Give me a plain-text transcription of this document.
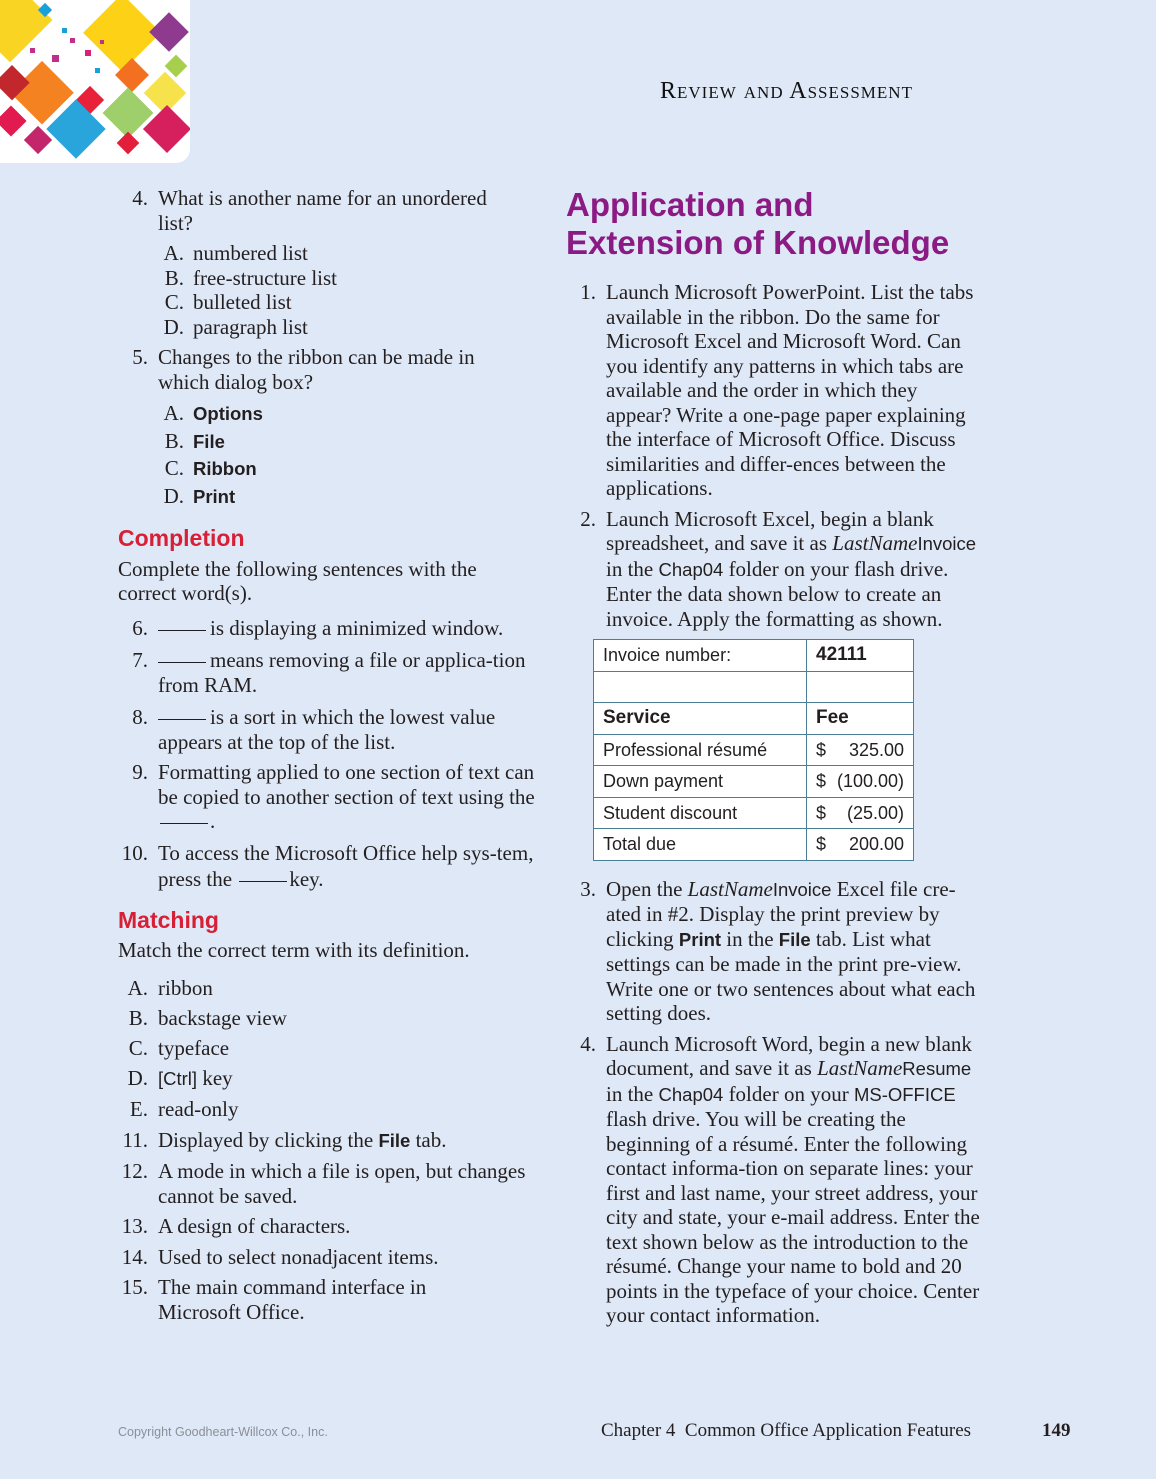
Review and Assessment
4. What is another name for an unordered
list?
A. numbered list
B. free-structure list
C. bulleted list
D. paragraph list
5. Changes to the ribbon can be made in
which dialog box?
A. Options
B. File
C. Ribbon
D. Print
Completion
Complete the following sentences with the correct word(s).
6.	is displaying a minimized window.
7.	means removing a file or applica-tion from RAM.
8.	is a sort in which the lowest value appears at the top of the list.
9. Formatting applied to one section of text can be copied to another section of text using the .
10. To access the Microsoft Office help sys-tem, press the	key.
Matching
Match the correct term with its definition.
A. ribbon
B. backstage view
C. typeface
D. [Ctrl] key
E. read-only
11. Displayed by clicking the File tab.
12. A mode in which a file is open, but changes cannot be saved.
13. A design of characters.
14. Used to select nonadjacent items.
15. The main command interface in Microsoft Office.
Application and Extension of Knowledge
1. Launch Microsoft PowerPoint. List the tabs available in the ribbon. Do the same for Microsoft Excel and Microsoft Word. Can you identify any patterns in which tabs are available and the order in which they appear? Write a one-page paper explaining the interface of Microsoft Office. Discuss similarities and differ-ences between the applications.
2. Launch Microsoft Excel, begin a blank spreadsheet, and save it as LastNameInvoice in the Chap04 folder on your flash drive. Enter the data shown below to create an invoice. Apply the formatting as shown.
Invoice number:	42111

Service	Fee
Professional résumé	$ 325.00

Down payment	$ (100.00)

Student discount	$ (25.00)

Total due	$ 200.00
3. Open the LastNameInvoice Excel file cre-ated in #2. Display the print preview by clicking Print in the File tab. List what settings can be made in the print pre-view. Write one or two sentences about what each setting does.
4. Launch Microsoft Word, begin a new blank document, and save it as LastNameResume in the Chap04 folder on your MS-OFFICE flash drive. You will be creating the beginning of a résumé. Enter the following contact informa-tion on separate lines: your first and last name, your street address, your city and state, your e-mail address. Enter the text shown below as the introduction to the résumé. Change your name to bold and 20 points in the typeface of your choice. Center your contact information.
Copyright Goodheart-Willcox Co., Inc.	Chapter 4  Common Office Application Features	149
